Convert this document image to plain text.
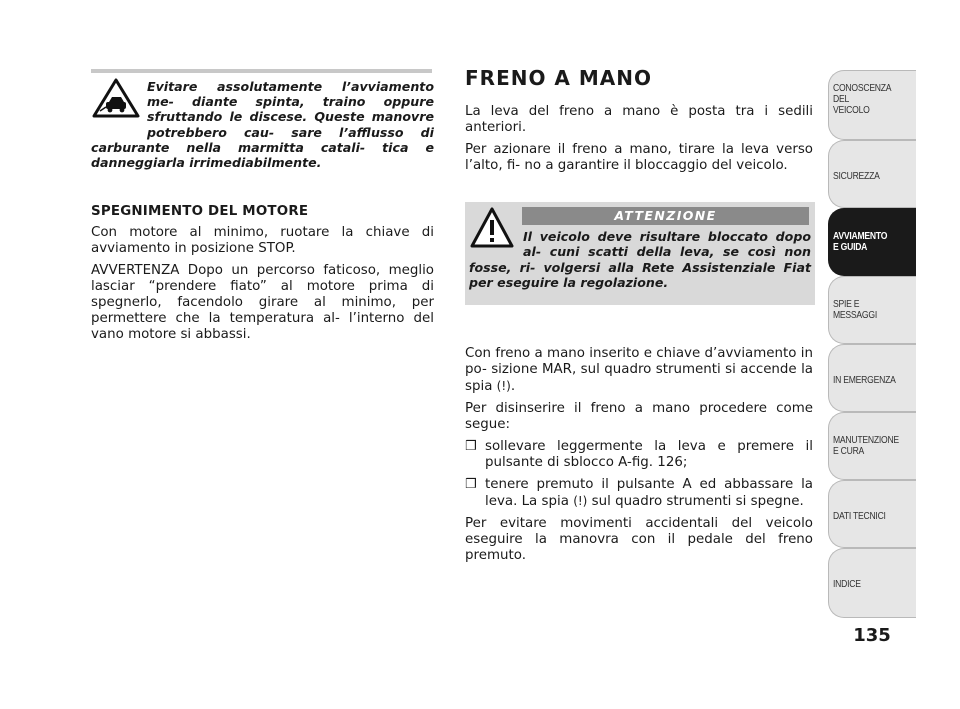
Evitare assolutamente l’avviamento me- diante spinta, traino oppure sfruttando le discese. Queste manovre potrebbero cau- sare l’afflusso di carburante nella marmitta catali- tica e danneggiarla irrimediabilmente.
SPEGNIMENTO DEL MOTORE

Con motore al minimo, ruotare la chiave di avviamento in posizione STOP.

AVVERTENZA Dopo un percorso faticoso, meglio lasciar “prendere fiato” al motore prima di spegnerlo, facendolo girare al minimo, per permettere che la temperatura al- l’interno del vano motore si abbassi.

FRENO A MANO

La leva del freno a mano è posta tra i sedili anteriori.

Per azionare il freno a mano, tirare la leva verso l’alto, fi- no a garantire il bloccaggio del veicolo.

ATTENZIONE
Il veicolo deve risultare bloccato dopo al- cuni scatti della leva, se così non fosse, ri- volgersi alla Rete Assistenziale Fiat per eseguire la regolazione.

Con freno a mano inserito e chiave d’avviamento in po- sizione MAR, sul quadro strumenti si accende la spia (!).

Per disinserire il freno a mano procedere come segue:

❒ sollevare leggermente la leva e premere il pulsante di sblocco A-fig. 126;
❒ tenere premuto il pulsante A ed abbassare la leva. La spia (!) sul quadro strumenti si spegne.

Per evitare movimenti accidentali del veicolo eseguire la manovra con il pedale del freno premuto.

CONOSCENZA
DEL
VEICOLO
SICUREZZA
AVVIAMENTO
E GUIDA
SPIE E
MESSAGGI
IN EMERGENZA
MANUTENZIONE
E CURA
DATI TECNICI
INDICE
135
